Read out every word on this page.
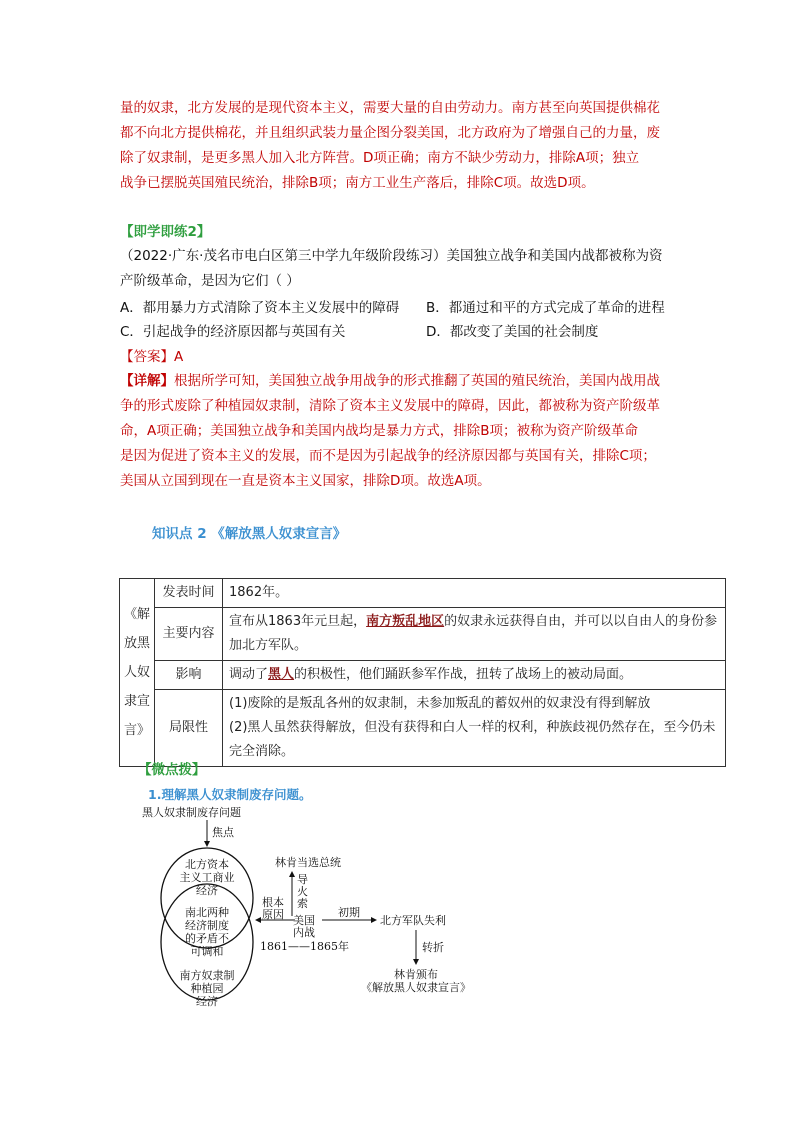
量的奴隶，北方发展的是现代资本主义，需要大量的自由劳动力。南方甚至向英国提供棉花
都不向北方提供棉花，并且组织武装力量企图分裂美国，北方政府为了增强自己的力量，废
除了奴隶制，是更多黑人加入北方阵营。D项正确；南方不缺少劳动力，排除A项；独立
战争已摆脱英国殖民统治，排除B项；南方工业生产落后，排除C项。故选D项。
【即学即练2】
（2022·广东·茂名市电白区第三中学九年级阶段练习）美国独立战争和美国内战都被称为资
产阶级革命，是因为它们（ ）
A．都用暴力方式清除了资本主义发展中的障碍 B．都通过和平的方式完成了革命的进程
C．引起战争的经济原因都与英国有关	D．都改变了美国的社会制度
【答案】A
【详解】根据所学可知，美国独立战争用战争的形式推翻了英国的殖民统治，美国内战用战
争的形式废除了种植园奴隶制，清除了资本主义发展中的障碍，因此，都被称为资产阶级革
命，A项正确；美国独立战争和美国内战均是暴力方式，排除B项；被称为资产阶级革命
是因为促进了资本主义的发展，而不是因为引起战争的经济原因都与英国有关，排除C项；
美国从立国到现在一直是资本主义国家，排除D项。故选A项。
知识点 2 《解放黑人奴隶宣言》
《解放黑人奴隶宣言》	发表时间	1862年。
	主要内容	宣布从1863年元旦起，南方叛乱地区的奴隶永远获得自由，并可以以自由人的身份参加北方军队。
	影响	调动了黑人的积极性，他们踊跃参军作战，扭转了战场上的被动局面。
	局限性	(1)废除的是叛乱各州的奴隶制，未参加叛乱的蓄奴州的奴隶没有得到解放
(2)黑人虽然获得解放，但没有获得和白人一样的权利，种族歧视仍然存在，至今仍未完全消除。
【微点拨】
1.理解黑人奴隶制废存问题。
黑人奴隶制废存问题
焦点
北方资本
主义工商业
经济
南北两种
经济制度
的矛盾不
可调和
南方奴隶制
种植园
经济
林肯当选总统
导
火
索
根本
原因 美国
内战
1861——1865年
初期
北方军队失利
转折
林肯颁布
《解放黑人奴隶宣言》
